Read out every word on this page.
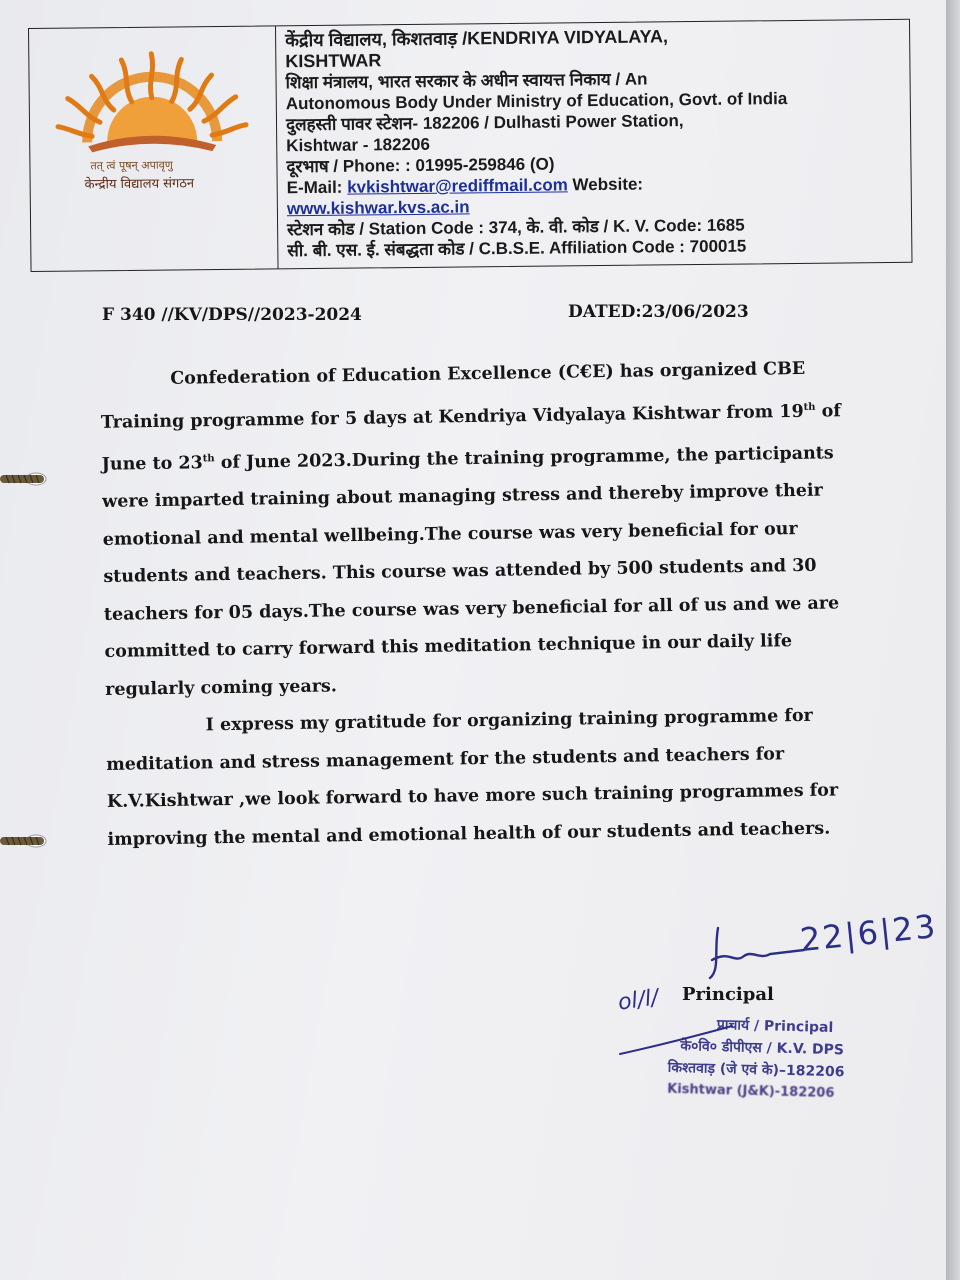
तत् त्वं पूषन् अपावृणु
केन्द्रीय विद्यालय संगठन
केंद्रीय विद्यालय, किशतवाड़ /KENDRIYA VIDYALAYA,
KISHTWAR
शिक्षा मंत्रालय, भारत सरकार के अधीन स्वायत्त निकाय / An
Autonomous Body Under Ministry of Education, Govt. of India
दुलहस्ती पावर स्टेशन- 182206 / Dulhasti Power Station,
Kishtwar - 182206
दूरभाष / Phone: : 01995-259846 (O)
E-Mail: kvkishtwar@rediffmail.com Website:
www.kishwar.kvs.ac.in
स्टेशन कोड / Station Code : 374, के. वी. कोड / K. V. Code: 1685
सी. बी. एस. ई. संबद्धता कोड / C.B.S.E. Affiliation Code : 700015
F 340 //KV/DPS//2023-2024	DATED:23/06/2023

Confederation of Education Excellence (C€E) has organized CBE

Training programme for 5 days at Kendriya Vidyalaya Kishtwar from 19th of

June to 23th of June 2023.During the training programme, the participants

were imparted training about managing stress and thereby improve their

emotional and mental wellbeing.The course was very beneficial for our

students and teachers. This course was attended by 500 students and 30

teachers for 05 days.The course was very beneficial for all of us and we are

committed to carry forward this meditation technique in our daily life

regularly coming years.

I express my gratitude for organizing training programme for

meditation and stress management for the students and teachers for

K.V.Kishtwar ,we look forward to have more such training programmes for

improving the mental and emotional health of our students and teachers.

22|6|23
ol/l/ Principal
प्राचार्य / Principal
के०वि० डीपीएस / K.V. DPS
किश्तवाड़ (जे एवं के)–182206
Kishtwar (J&K)-182206
